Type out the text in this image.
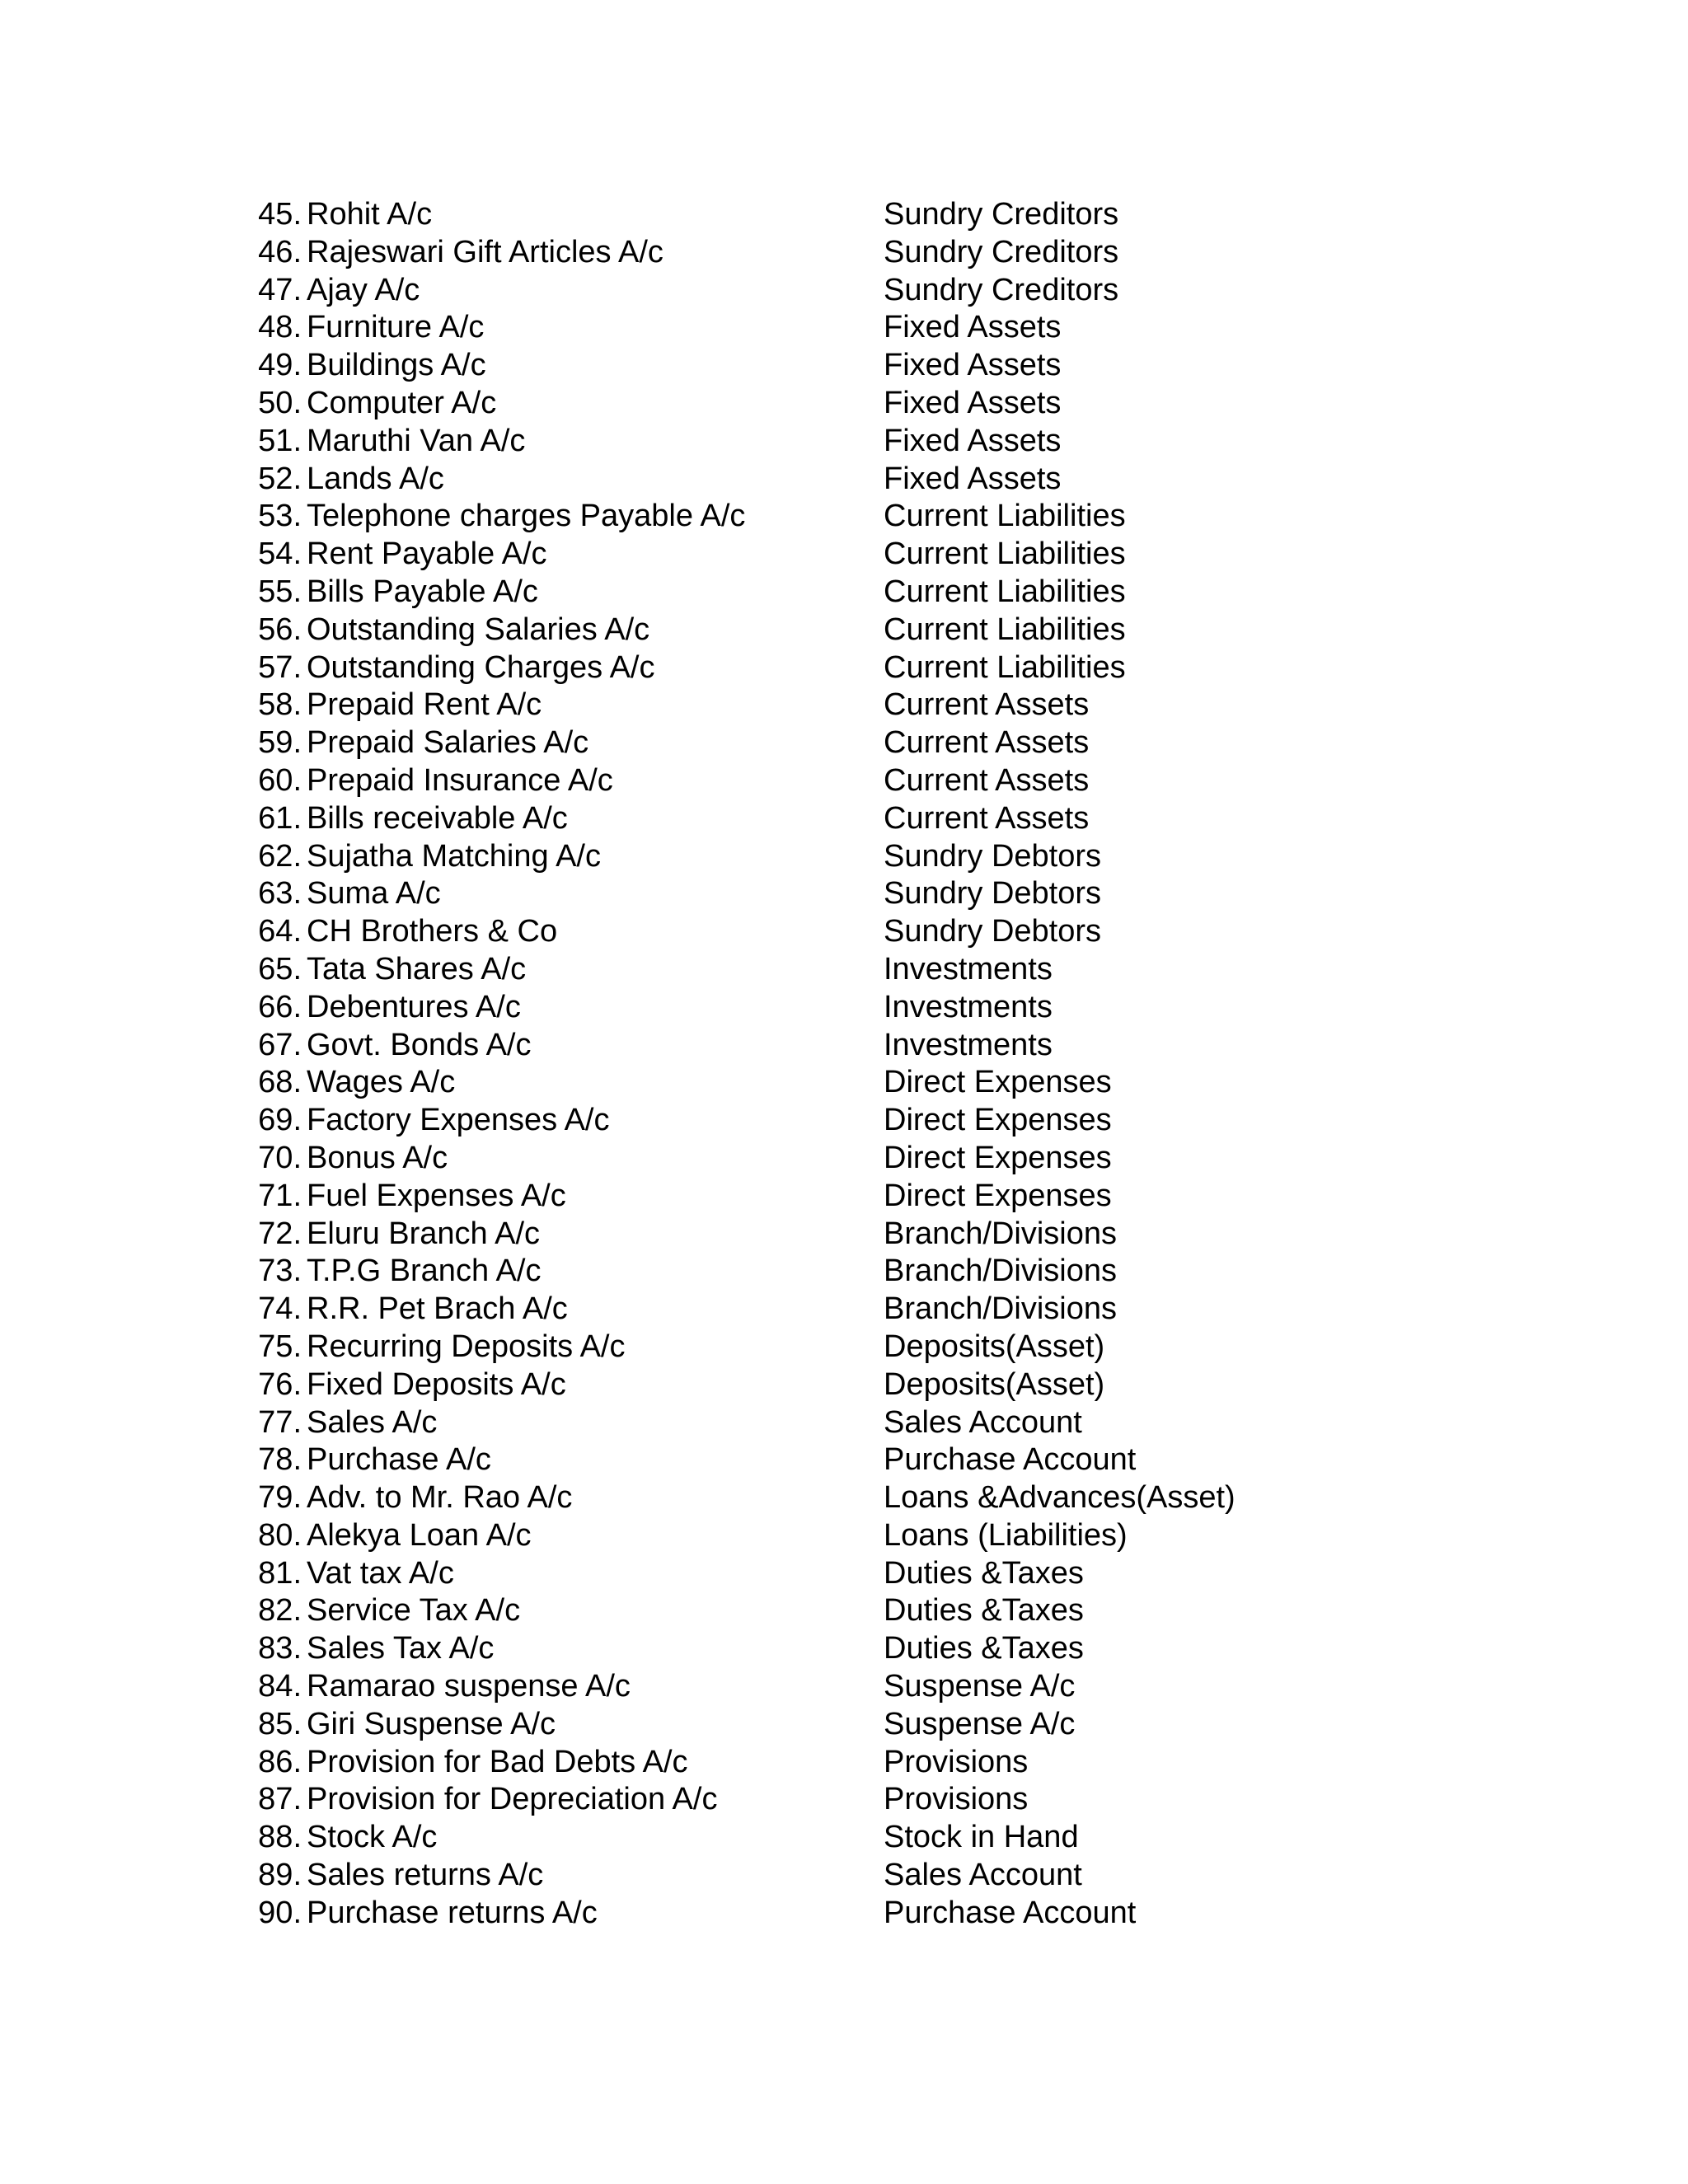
45. Rohit A/c	Sundry Creditors
46. Rajeswari Gift Articles A/c	Sundry Creditors
47. Ajay A/c	Sundry Creditors
48. Furniture A/c	Fixed Assets
49. Buildings A/c	Fixed Assets
50. Computer A/c	Fixed Assets
51. Maruthi Van A/c	Fixed Assets
52. Lands A/c	Fixed Assets
53. Telephone charges Payable A/c	Current Liabilities
54. Rent Payable A/c	Current Liabilities
55. Bills Payable A/c	Current Liabilities
56. Outstanding Salaries A/c	Current Liabilities
57. Outstanding Charges A/c	Current Liabilities
58. Prepaid Rent A/c	Current Assets
59. Prepaid Salaries A/c	Current Assets
60. Prepaid Insurance A/c	Current Assets
61. Bills receivable A/c	Current Assets
62. Sujatha Matching A/c	Sundry Debtors
63. Suma A/c	Sundry Debtors
64. CH Brothers & Co	Sundry Debtors
65. Tata Shares A/c	Investments
66. Debentures A/c	Investments
67. Govt. Bonds A/c	Investments
68. Wages A/c	Direct Expenses
69. Factory Expenses A/c	Direct Expenses
70. Bonus A/c	Direct Expenses
71. Fuel Expenses A/c	Direct Expenses
72. Eluru Branch A/c	Branch/Divisions
73. T.P.G Branch A/c	Branch/Divisions
74. R.R. Pet Brach A/c	Branch/Divisions
75. Recurring Deposits A/c	Deposits(Asset)
76. Fixed Deposits A/c	Deposits(Asset)
77. Sales A/c	Sales Account
78. Purchase A/c	Purchase Account
79. Adv. to Mr. Rao A/c	Loans &Advances(Asset)
80. Alekya Loan A/c	Loans (Liabilities)
81. Vat tax A/c	Duties &Taxes
82. Service Tax A/c	Duties &Taxes
83. Sales Tax A/c	Duties &Taxes
84. Ramarao suspense A/c	Suspense A/c
85. Giri Suspense A/c	Suspense A/c
86. Provision for Bad Debts A/c	Provisions
87. Provision for Depreciation A/c	Provisions
88. Stock A/c	Stock in Hand
89. Sales returns A/c	Sales Account
90. Purchase returns A/c	Purchase Account
